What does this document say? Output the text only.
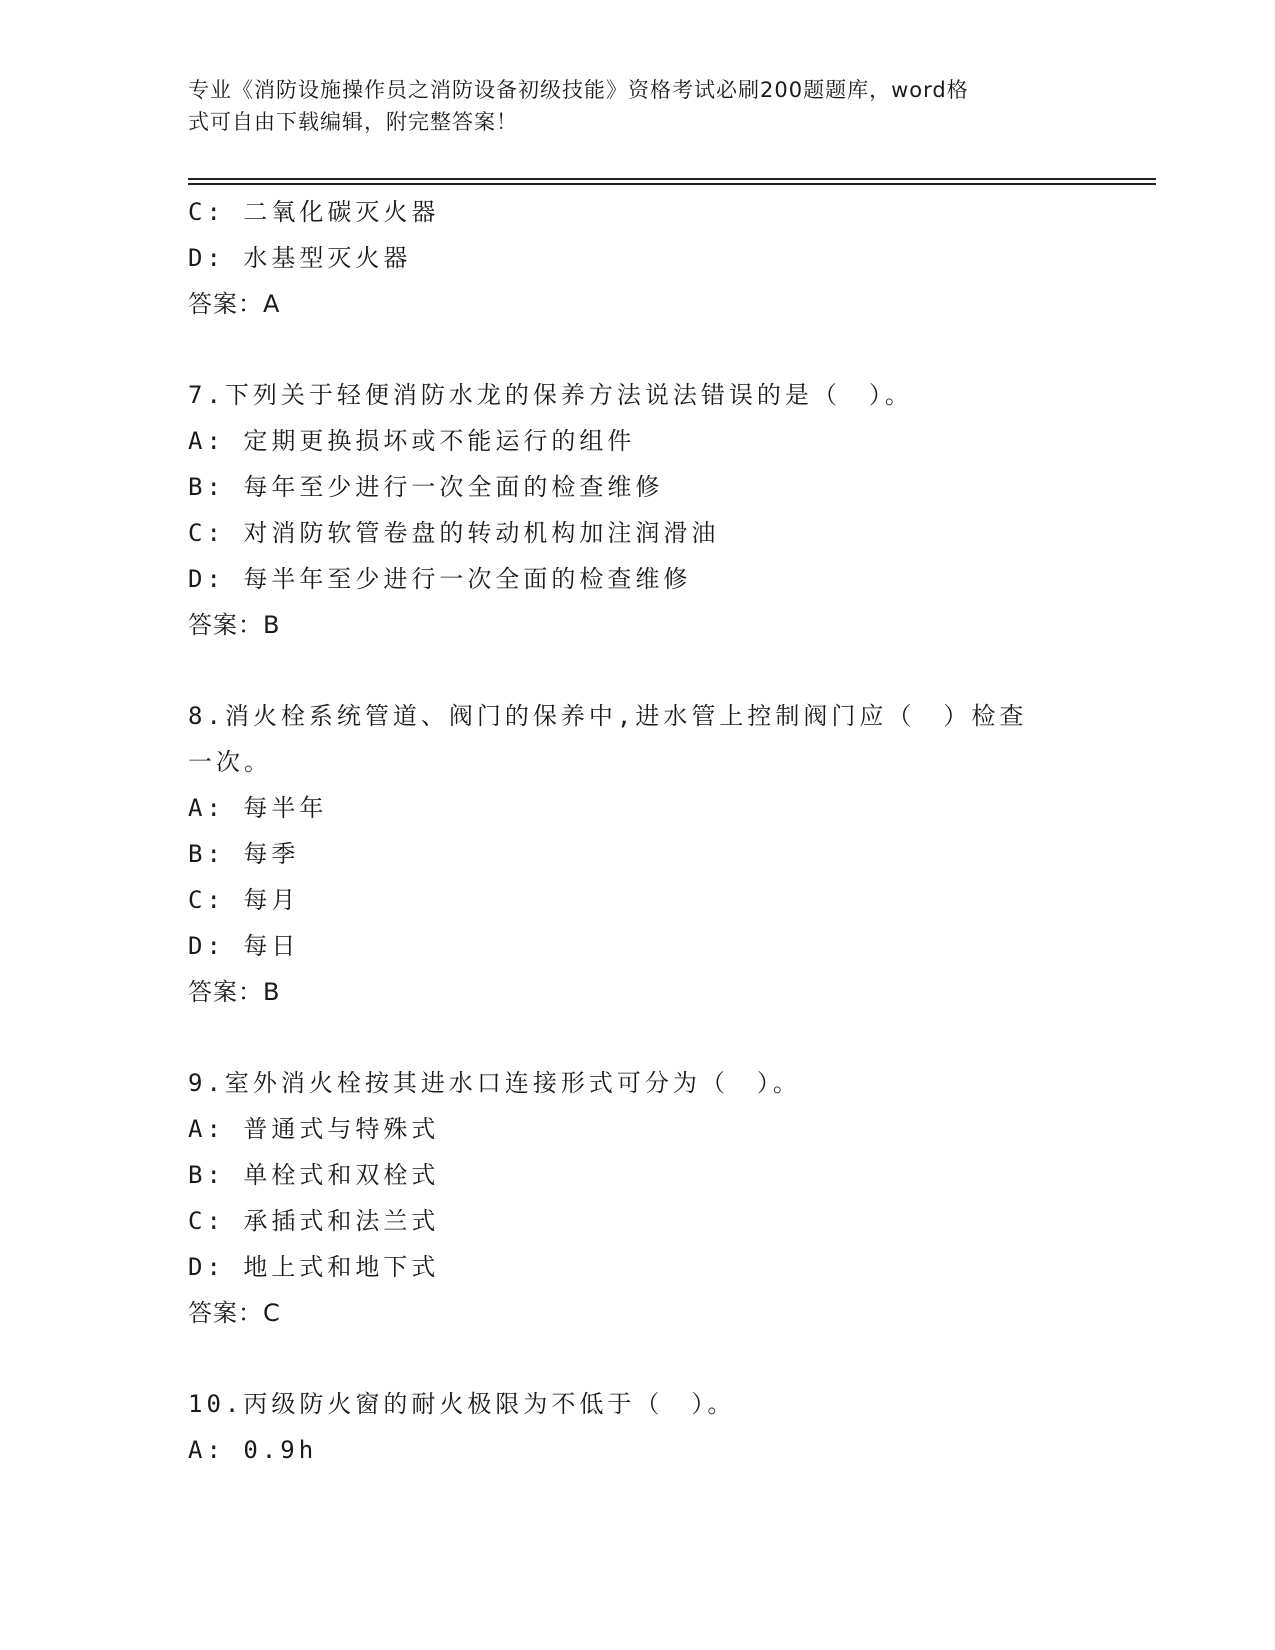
专业《消防设施操作员之消防设备初级技能》资格考试必刷200题题库，word格
式可自由下载编辑，附完整答案！
C: 二氧化碳灭火器
D: 水基型灭火器
答案：A
7.下列关于轻便消防水龙的保养方法说法错误的是（　）。
A: 定期更换损坏或不能运行的组件
B: 每年至少进行一次全面的检查维修
C: 对消防软管卷盘的转动机构加注润滑油
D: 每半年至少进行一次全面的检查维修
答案：B
8.消火栓系统管道、阀门的保养中,进水管上控制阀门应（　）检查一次。
A: 每半年
B: 每季
C: 每月
D: 每日
答案：B
9.室外消火栓按其进水口连接形式可分为（　）。
A: 普通式与特殊式
B: 单栓式和双栓式
C: 承插式和法兰式
D: 地上式和地下式
答案：C
10.丙级防火窗的耐火极限为不低于（　）。
A: 0.9h
